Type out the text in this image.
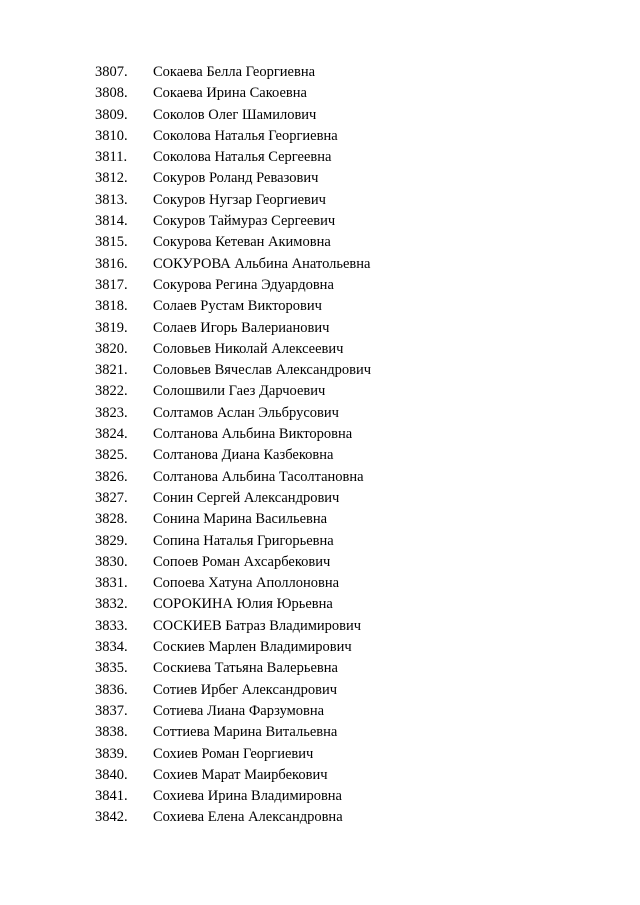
3807.	Сокаева Белла Георгиевна
3808.	Сокаева Ирина Сакоевна
3809.	Соколов Олег Шамилович
3810.	Соколова Наталья Георгиевна
3811.	Соколова Наталья Сергеевна
3812.	Сокуров Роланд Ревазович
3813.	Сокуров Нугзар Георгиевич
3814.	Сокуров Таймураз Сергеевич
3815.	Сокурова Кетеван Акимовна
3816.	СОКУРОВА Альбина Анатольевна
3817.	Сокурова Регина Эдуардовна
3818.	Солаев Рустам Викторович
3819.	Солаев Игорь Валерианович
3820.	Соловьев Николай Алексеевич
3821.	Соловьев Вячеслав Александрович
3822.	Солошвили Гаез Дарчоевич
3823.	Солтамов Аслан Эльбрусович
3824.	Солтанова Альбина Викторовна
3825.	Солтанова Диана Казбековна
3826.	Солтанова Альбина Тасолтановна
3827.	Сонин Сергей Александрович
3828.	Сонина Марина Васильевна
3829.	Сопина Наталья Григорьевна
3830.	Сопоев Роман Ахсарбекович
3831.	Сопоева Хатуна Аполлоновна
3832.	СОРОКИНА Юлия Юрьевна
3833.	СОСКИЕВ Батраз Владимирович
3834.	Соскиев Марлен Владимирович
3835.	Соскиева Татьяна Валерьевна
3836.	Сотиев Ирбег Александрович
3837.	Сотиева Лиана Фарзумовна
3838.	Соттиева Марина Витальевна
3839.	Сохиев Роман Георгиевич
3840.	Сохиев Марат Маирбекович
3841.	Сохиева Ирина Владимировна
3842.	Сохиева Елена Александровна
